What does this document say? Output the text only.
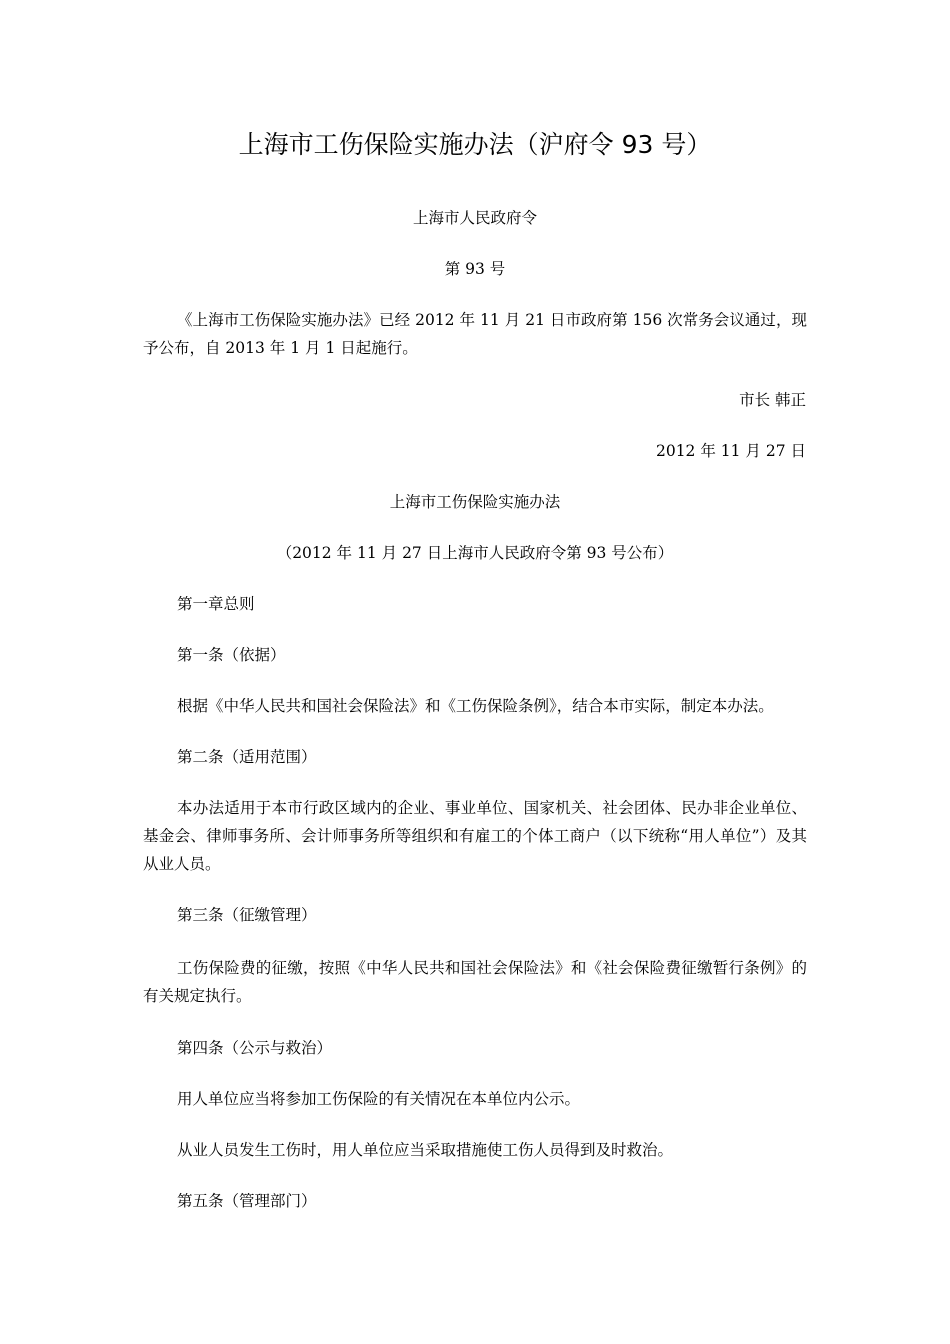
上海市工伤保险实施办法（沪府令 93 号）
上海市人民政府令
第 93 号
《上海市工伤保险实施办法》已经 2012 年 11 月 21 日市政府第 156 次常务会议通过，现予公布，自 2013 年 1 月 1 日起施行。
市长 韩正
2012 年 11 月 27 日
上海市工伤保险实施办法
（2012 年 11 月 27 日上海市人民政府令第 93 号公布）
第一章总则
第一条（依据）
根据《中华人民共和国社会保险法》和《工伤保险条例》，结合本市实际，制定本办法。
第二条（适用范围）
本办法适用于本市行政区域内的企业、事业单位、国家机关、社会团体、民办非企业单位、基金会、律师事务所、会计师事务所等组织和有雇工的个体工商户（以下统称“用人单位”）及其从业人员。
第三条（征缴管理）
工伤保险费的征缴，按照《中华人民共和国社会保险法》和《社会保险费征缴暂行条例》的有关规定执行。
第四条（公示与救治）
用人单位应当将参加工伤保险的有关情况在本单位内公示。
从业人员发生工伤时，用人单位应当采取措施使工伤人员得到及时救治。
第五条（管理部门）
